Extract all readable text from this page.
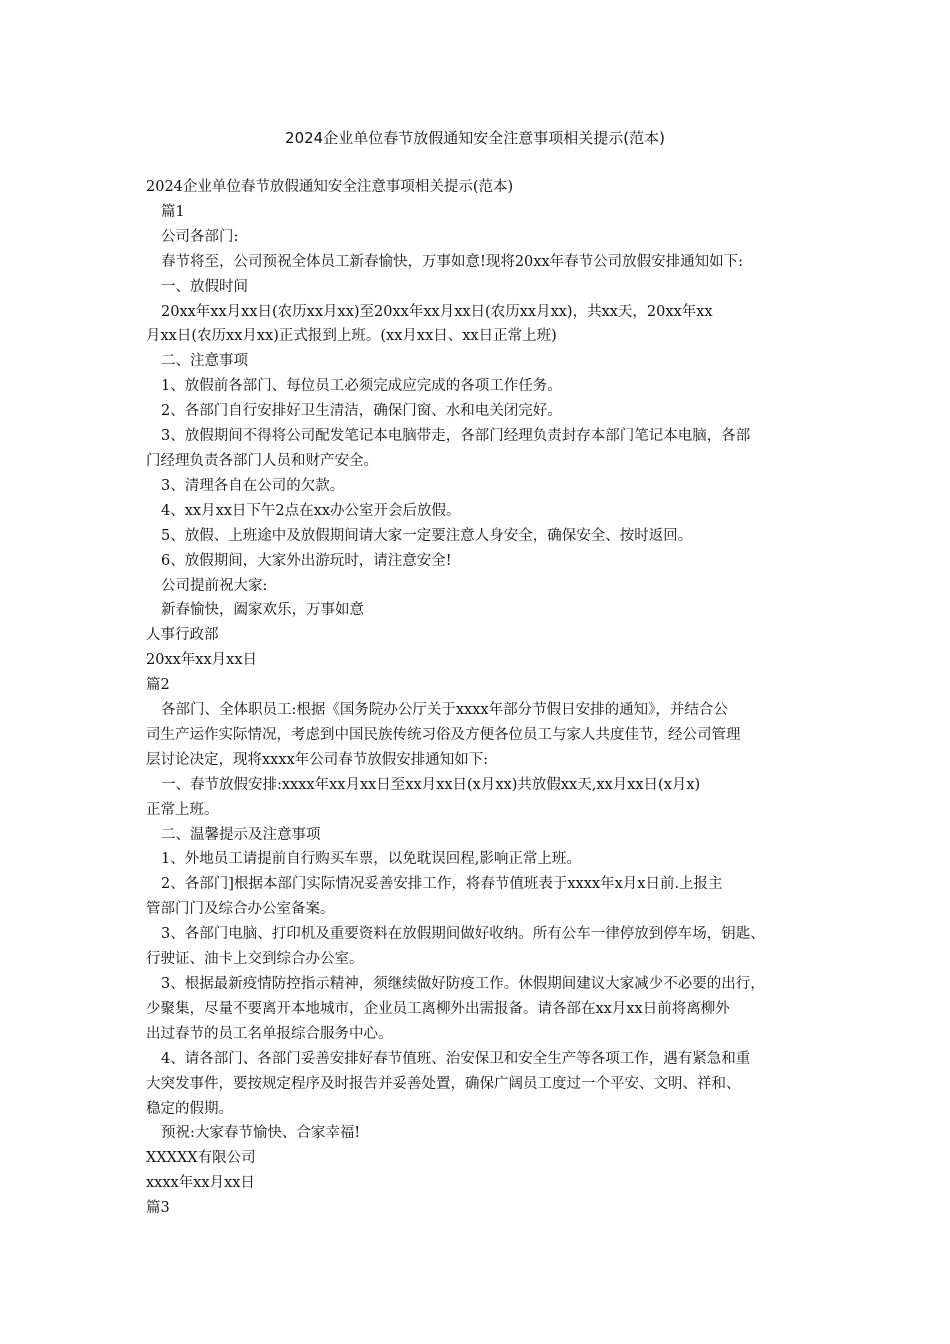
2024企业单位春节放假通知安全注意事项相关提示(范本)

2024企业单位春节放假通知安全注意事项相关提示(范本)

篇1

公司各部门:

春节将至，公司预祝全体员工新春愉快，万事如意!现将20xx年春节公司放假安排通知如下:

一、放假时间

20xx年xx月xx日(农历xx月xx)至20xx年xx月xx日(农历xx月xx)，共xx天，20xx年xx

月xx日(农历xx月xx)正式报到上班。(xx月xx日、xx日正常上班)

二、注意事项

1、放假前各部门、每位员工必须完成应完成的各项工作任务。

2、各部门自行安排好卫生清洁，确保门窗、水和电关闭完好。

3、放假期间不得将公司配发笔记本电脑带走，各部门经理负责封存本部门笔记本电脑，各部

门经理负责各部门人员和财产安全。

3、清理各自在公司的欠款。

4、xx月xx日下午2点在xx办公室开会后放假。

5、放假、上班途中及放假期间请大家一定要注意人身安全，确保安全、按时返回。

6、放假期间，大家外出游玩时，请注意安全!

公司提前祝大家:

新春愉快，阖家欢乐，万事如意

人事行政部

20xx年xx月xx日

篇2

各部门、全体职员工:根据《国务院办公厅关于xxxx年部分节假日安排的通知》，并结合公

司生产运作实际情况，考虑到中国民族传统习俗及方便各位员工与家人共度佳节，经公司管理

层讨论决定，现将xxxx年公司春节放假安排通知如下:

一、春节放假安排:xxxx年xx月xx日至xx月xx日(x月xx)共放假xx天,xx月xx日(x月x)

正常上班。

二、温馨提示及注意事项

1、外地员工请提前自行购买车票，以免耽误回程,影响正常上班。

2、各部门]根据本部门实际情况妥善安排工作，将春节值班表于xxxx年x月x日前.上报主

管部门门及综合办公室备案。

3、各部门电脑、打印机及重要资料在放假期间做好收纳。所有公车一律停放到停车场，钥匙、

行驶证、油卡上交到综合办公室。

3、根据最新疫情防控指示精神，须继续做好防疫工作。休假期间建议大家减少不必要的出行，

少聚集，尽量不要离开本地城市，企业员工离柳外出需报备。请各部在xx月xx日前将离柳外

出过春节的员工名单报综合服务中心。

4、请各部门、各部门妥善安排好春节值班、治安保卫和安全生产等各项工作，遇有紧急和重

大突发事件，要按规定程序及时报告并妥善处置，确保广阔员工度过一个平安、文明、祥和、

稳定的假期。

预祝:大家春节愉快、合家幸福!

XXXXX有限公司

xxxx年xx月xx日

篇3
